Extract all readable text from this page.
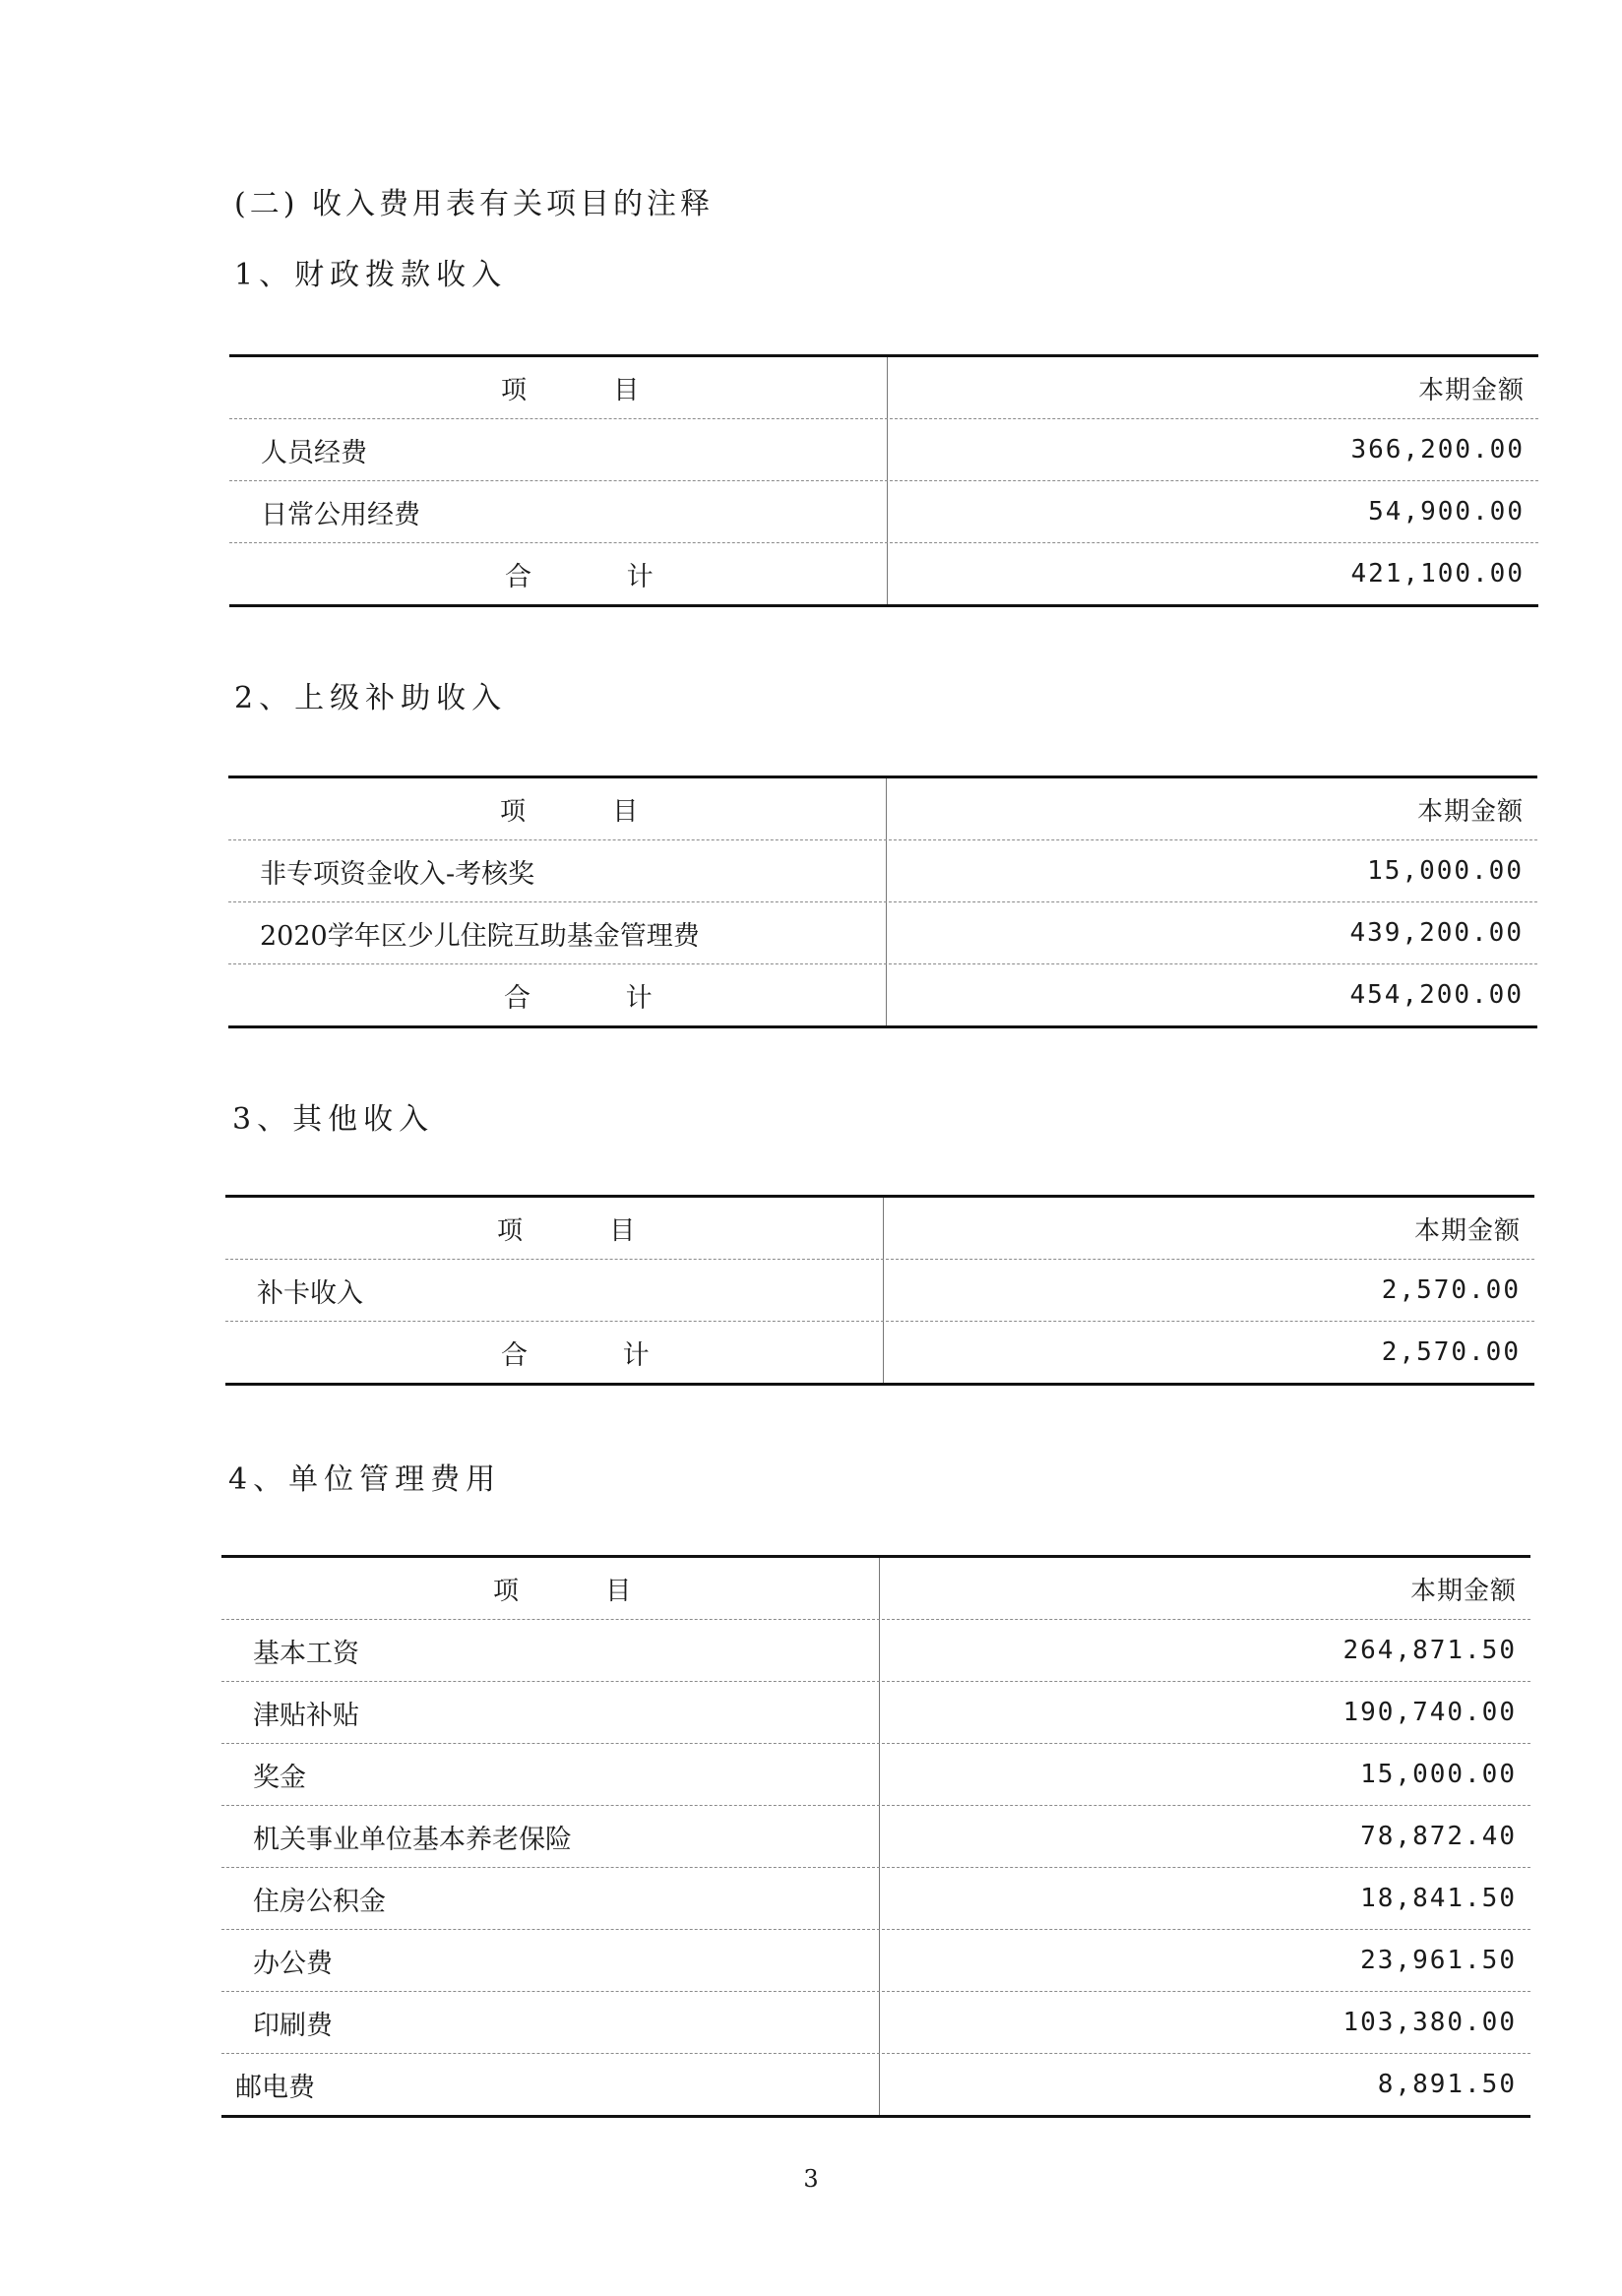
(二) 收入费用表有关项目的注释
1、财政拨款收入
项 目	本期金额
人员经费	366,200.00
日常公用经费	54,900.00
合 计	421,100.00
2、上级补助收入
项 目	本期金额
非专项资金收入-考核奖	15,000.00
2020学年区少儿住院互助基金管理费	439,200.00
合 计	454,200.00
3、其他收入
项 目	本期金额
补卡收入	2,570.00
合 计	2,570.00
4、单位管理费用
项 目	本期金额
基本工资	264,871.50
津贴补贴	190,740.00
奖金	15,000.00
机关事业单位基本养老保险	78,872.40
住房公积金	18,841.50
办公费	23,961.50
印刷费	103,380.00
邮电费	8,891.50
3
